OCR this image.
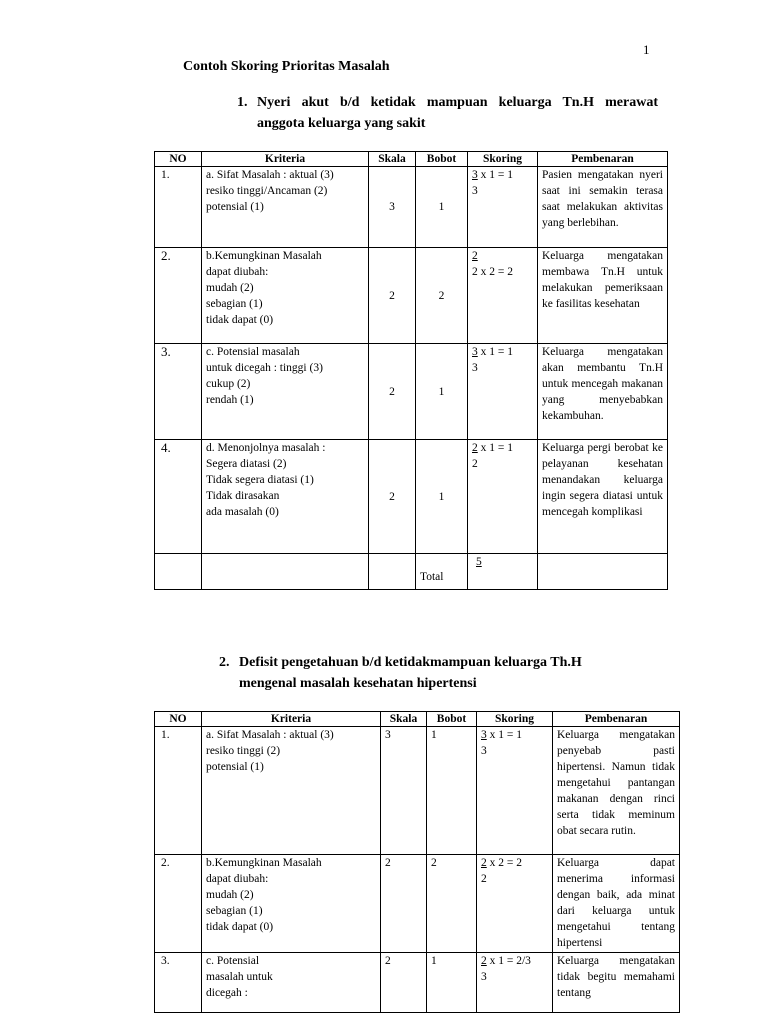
1
Contoh Skoring Prioritas Masalah
1. Nyeri akut b/d ketidak mampuan keluarga Tn.H merawat
anggota keluarga yang sakit
NO	Kriteria	Skala	Bobot	Skoring	Pembenaran
1.	a. Sifat Masalah : aktual (3)
resiko tinggi/Ancaman (2)
potensial (1)	3	1	3 x 1 = 1
3	Pasien mengatakan nyeri saat ini semakin terasa saat melakukan aktivitas yang berlebihan.
2.	b.Kemungkinan Masalah
dapat diubah:
mudah (2)
sebagian (1)
tidak dapat (0)	2	2	2
2 x 2 = 2	Keluarga mengatakan membawa Tn.H untuk melakukan pemeriksaan ke fasilitas kesehatan
3.	c. Potensial masalah
untuk dicegah : tinggi (3)
cukup (2)
rendah (1)	2	1	3 x 1 = 1
3	Keluarga mengatakan akan membantu Tn.H untuk mencegah makanan yang menyebabkan kekambuhan.
4.	d. Menonjolnya masalah :
Segera diatasi (2)
Tidak segera diatasi (1)
Tidak dirasakan
ada masalah (0)	2	1	2 x 1 = 1
2	Keluarga pergi berobat ke pelayanan kesehatan menandakan keluarga ingin segera diatasi untuk mencegah komplikasi
			Total	5	
2. Defisit pengetahuan b/d ketidakmampuan keluarga Th.H
mengenal masalah kesehatan hipertensi
NO	Kriteria	Skala	Bobot	Skoring	Pembenaran
1.	a. Sifat Masalah : aktual (3)
resiko tinggi (2)
potensial (1)	3	1	3 x 1 = 1
3	Keluarga mengatakan penyebab pasti hipertensi. Namun tidak mengetahui pantangan makanan dengan rinci serta tidak meminum obat secara rutin.
2.	b.Kemungkinan Masalah
dapat diubah:
mudah (2)
sebagian (1)
tidak dapat (0)	2	2	2 x 2 = 2
2	Keluarga dapat menerima informasi dengan baik, ada minat dari keluarga untuk mengetahui tentang hipertensi
3.	c. Potensial
masalah untuk
dicegah :	2	1	2 x 1 = 2/3
3	Keluarga mengatakan tidak begitu memahami tentang
